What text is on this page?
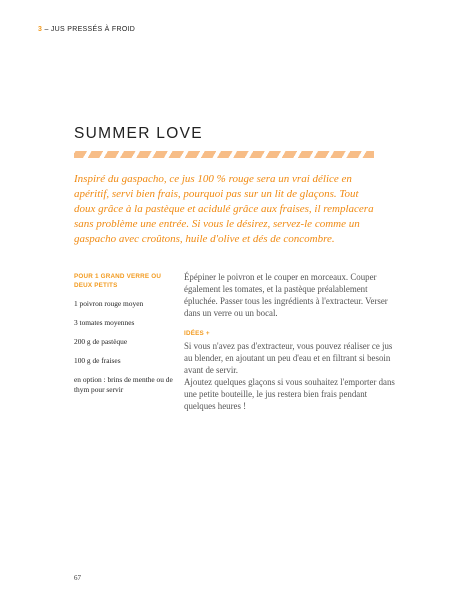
3 – JUS PRESSÉS À FROID
SUMMER LOVE

Inspiré du gaspacho, ce jus 100 % rouge sera un vrai délice en apéritif, servi bien frais, pourquoi pas sur un lit de glaçons. Tout doux grâce à la pastèque et acidulé grâce aux fraises, il remplacera sans problème une entrée. Si vous le désirez, servez-le comme un gaspacho avec croûtons, huile d'olive et dés de concombre.

POUR 1 GRAND VERRE OU DEUX PETITS

1 poivron rouge moyen
3 tomates moyennes
200 g de pastèque
100 g de fraises
en option : brins de menthe ou de thym pour servir

Épépiner le poivron et le couper en morceaux. Couper également les tomates, et la pastèque préalablement épluchée. Passer tous les ingrédients à l'extracteur. Verser dans un verre ou un bocal.

IDÉES +

Si vous n'avez pas d'extracteur, vous pouvez réaliser ce jus au blender, en ajoutant un peu d'eau et en filtrant si besoin avant de servir.
Ajoutez quelques glaçons si vous souhaitez l'emporter dans une petite bouteille, le jus restera bien frais pendant quelques heures !

67
